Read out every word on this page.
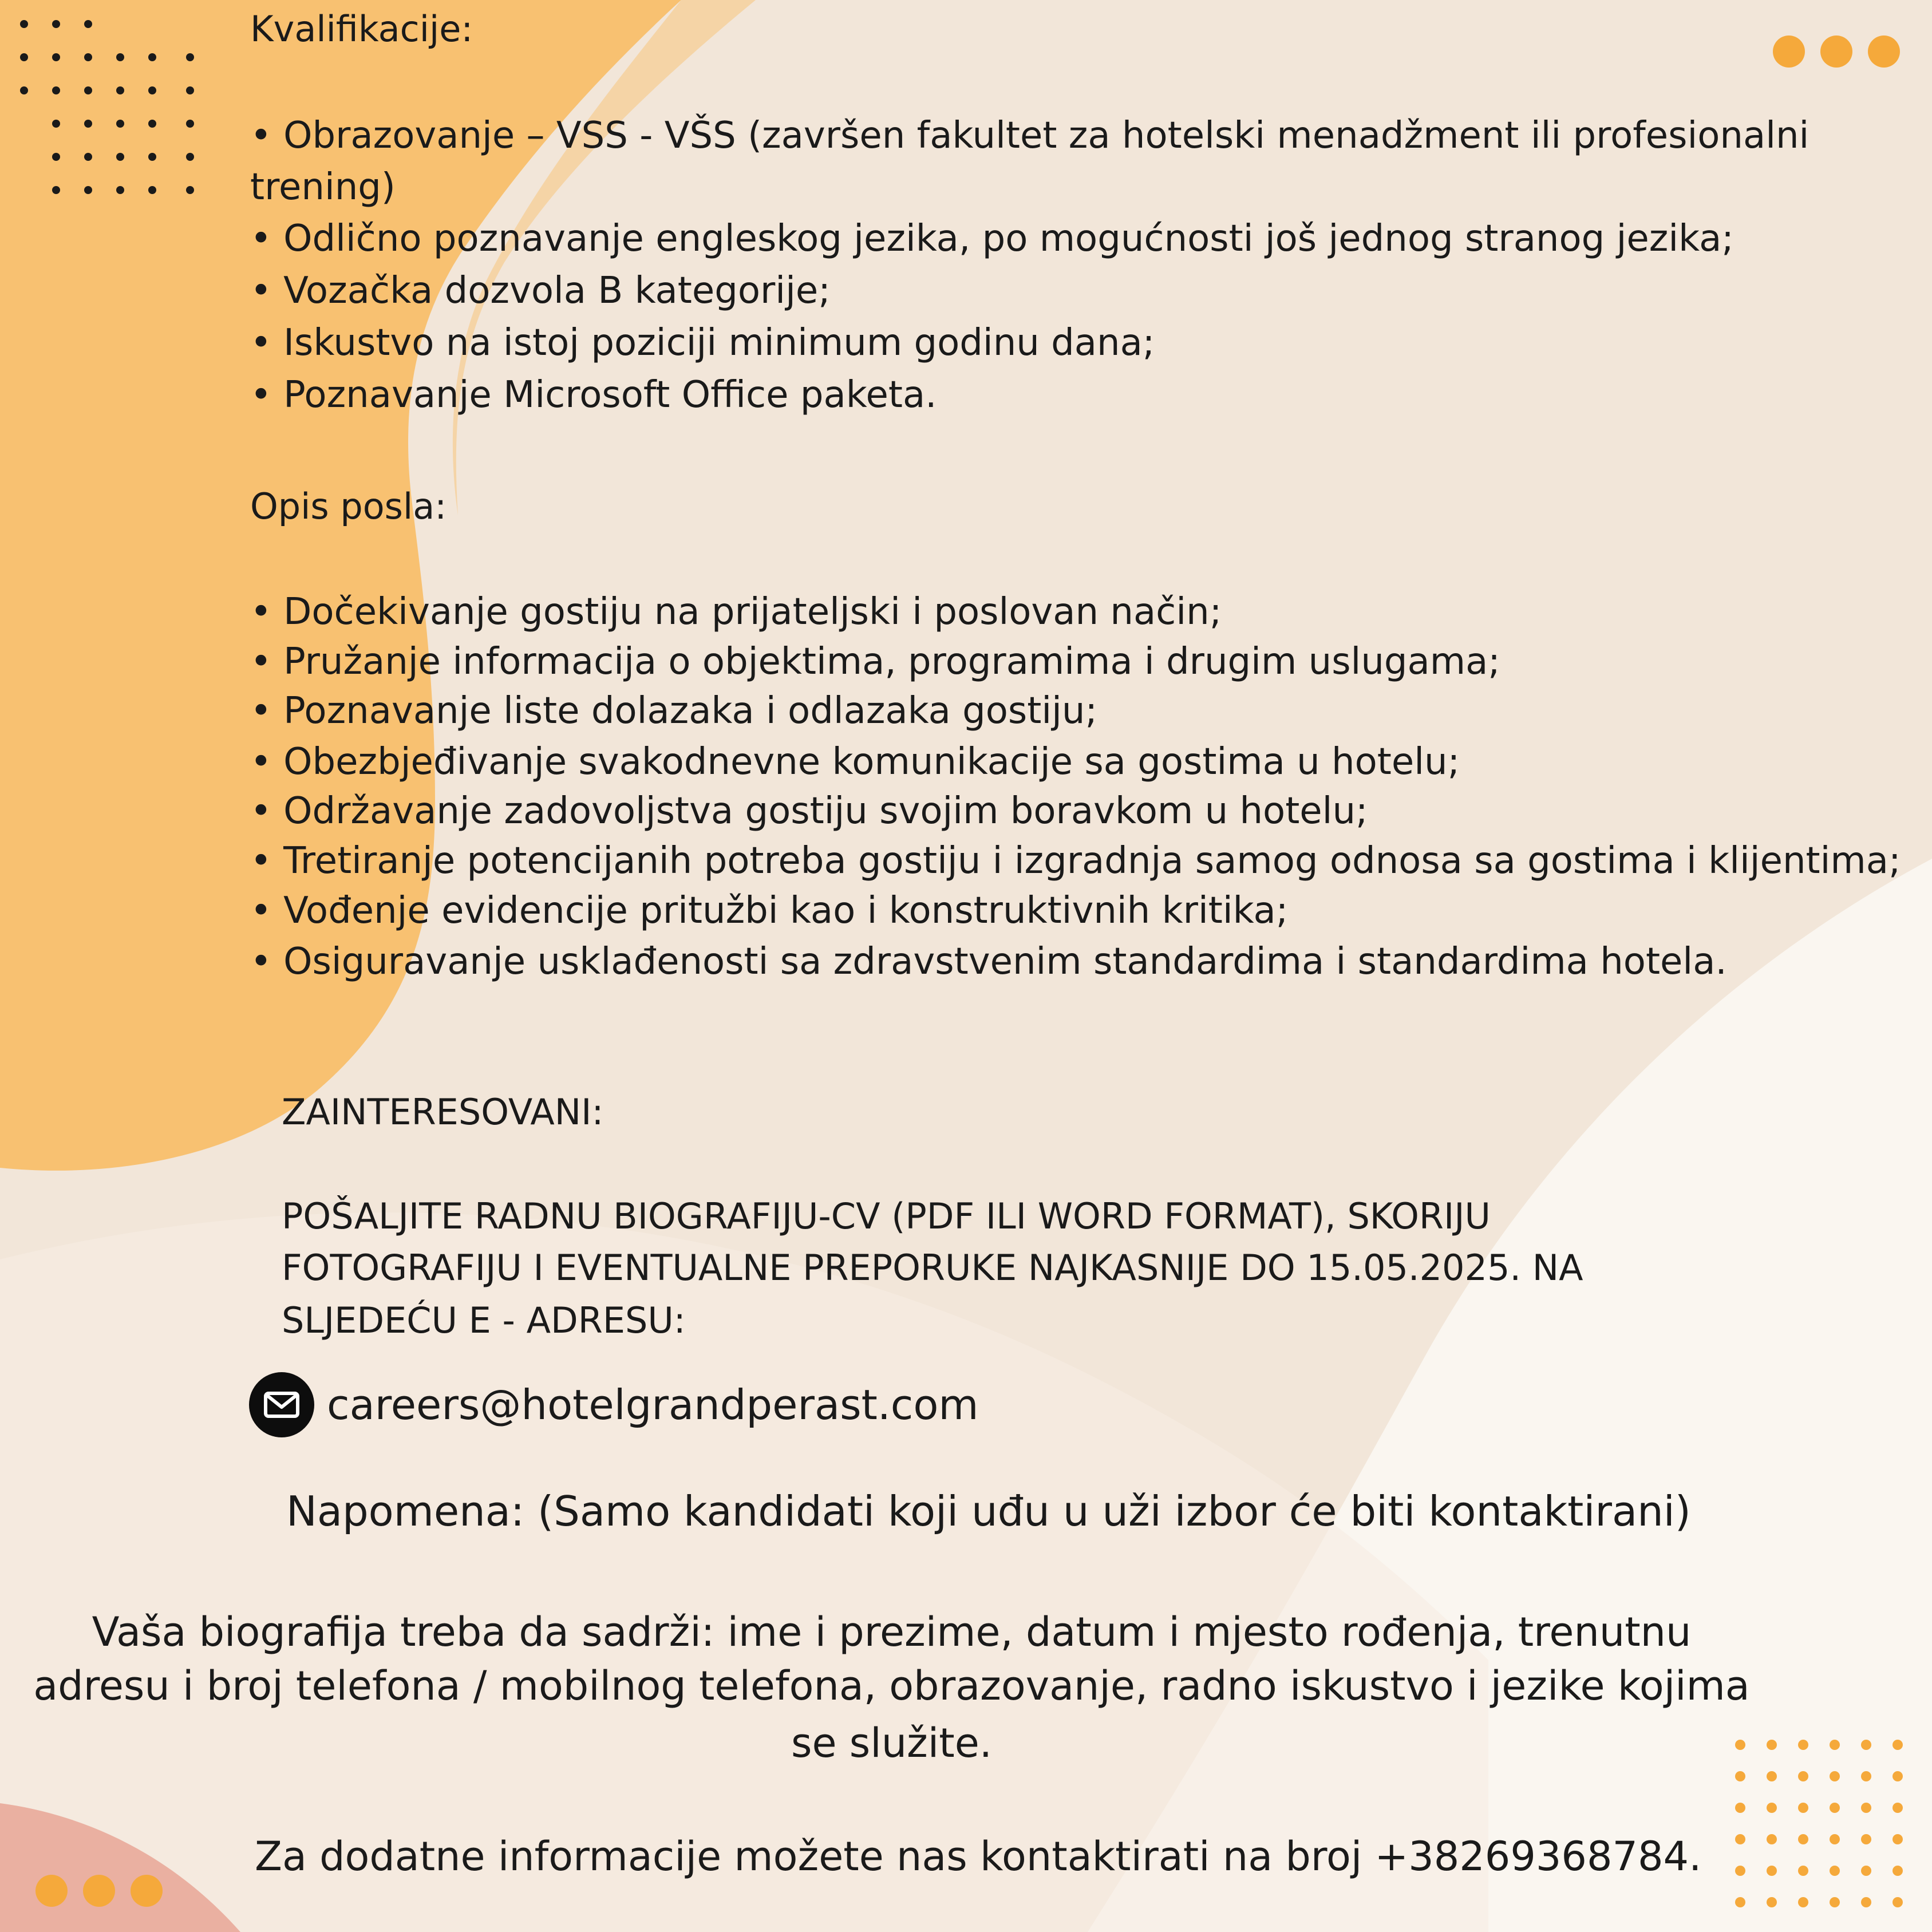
Kvalifikacije:
• Obrazovanje – VSS - VŠS (završen fakultet za hotelski menadžment ili profesionalni
trening)
• Odlično poznavanje engleskog jezika, po mogućnosti još jednog stranog jezika;
• Vozačka dozvola B kategorije;
• Iskustvo na istoj poziciji minimum godinu dana;
• Poznavanje Microsoft Office paketa.
Opis posla:
• Dočekivanje gostiju na prijateljski i poslovan način;
• Pružanje informacija o objektima, programima i drugim uslugama;
• Poznavanje liste dolazaka i odlazaka gostiju;
• Obezbjeđivanje svakodnevne komunikacije sa gostima u hotelu;
• Održavanje zadovoljstva gostiju svojim boravkom u hotelu;
• Tretiranje potencijanih potreba gostiju i izgradnja samog odnosa sa gostima i klijentima;
• Vođenje evidencije pritužbi kao i konstruktivnih kritika;
• Osiguravanje usklađenosti sa zdravstvenim standardima i standardima hotela.
ZAINTERESOVANI:
POŠALJITE RADNU BIOGRAFIJU-CV (PDF ILI WORD FORMAT), SKORIJU
FOTOGRAFIJU I EVENTUALNE PREPORUKE NAJKASNIJE DO 15.05.2025. NA
SLJEDEĆU E - ADRESU:
careers@hotelgrandperast.com
Napomena: (Samo kandidati koji uđu u uži izbor će biti kontaktirani)
Vaša biografija treba da sadrži: ime i prezime, datum i mjesto rođenja, trenutnu
adresu i broj telefona / mobilnog telefona, obrazovanje, radno iskustvo i jezike kojima
se služite.
Za dodatne informacije možete nas kontaktirati na broj +38269368784.
